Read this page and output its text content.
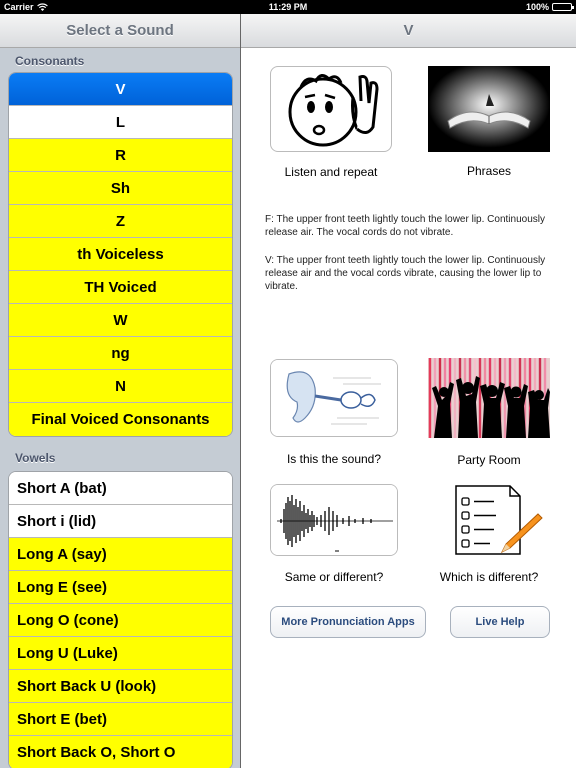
Carrier	11:29 PM	100%
Select a Sound
Consonants
V
L
R
Sh
Z
th Voiceless
TH Voiced
W
ng
N
Final Voiced Consonants
Vowels
Short A (bat)
Short i (lid)
Long A (say)
Long E (see)
Long O (cone)
Long U (Luke)
Short Back U (look)
Short E (bet)
Short Back O, Short O
V
Listen and repeat	Phrases
F: The upper front teeth lightly touch the lower lip. Continuously release air. The vocal cords do not vibrate.
V: The upper front teeth lightly touch the lower lip. Continuously release air and the vocal cords vibrate, causing the lower lip to vibrate.
Is this the sound?	Party Room
Same or different?	Which is different?
More Pronunciation Apps	Live Help
